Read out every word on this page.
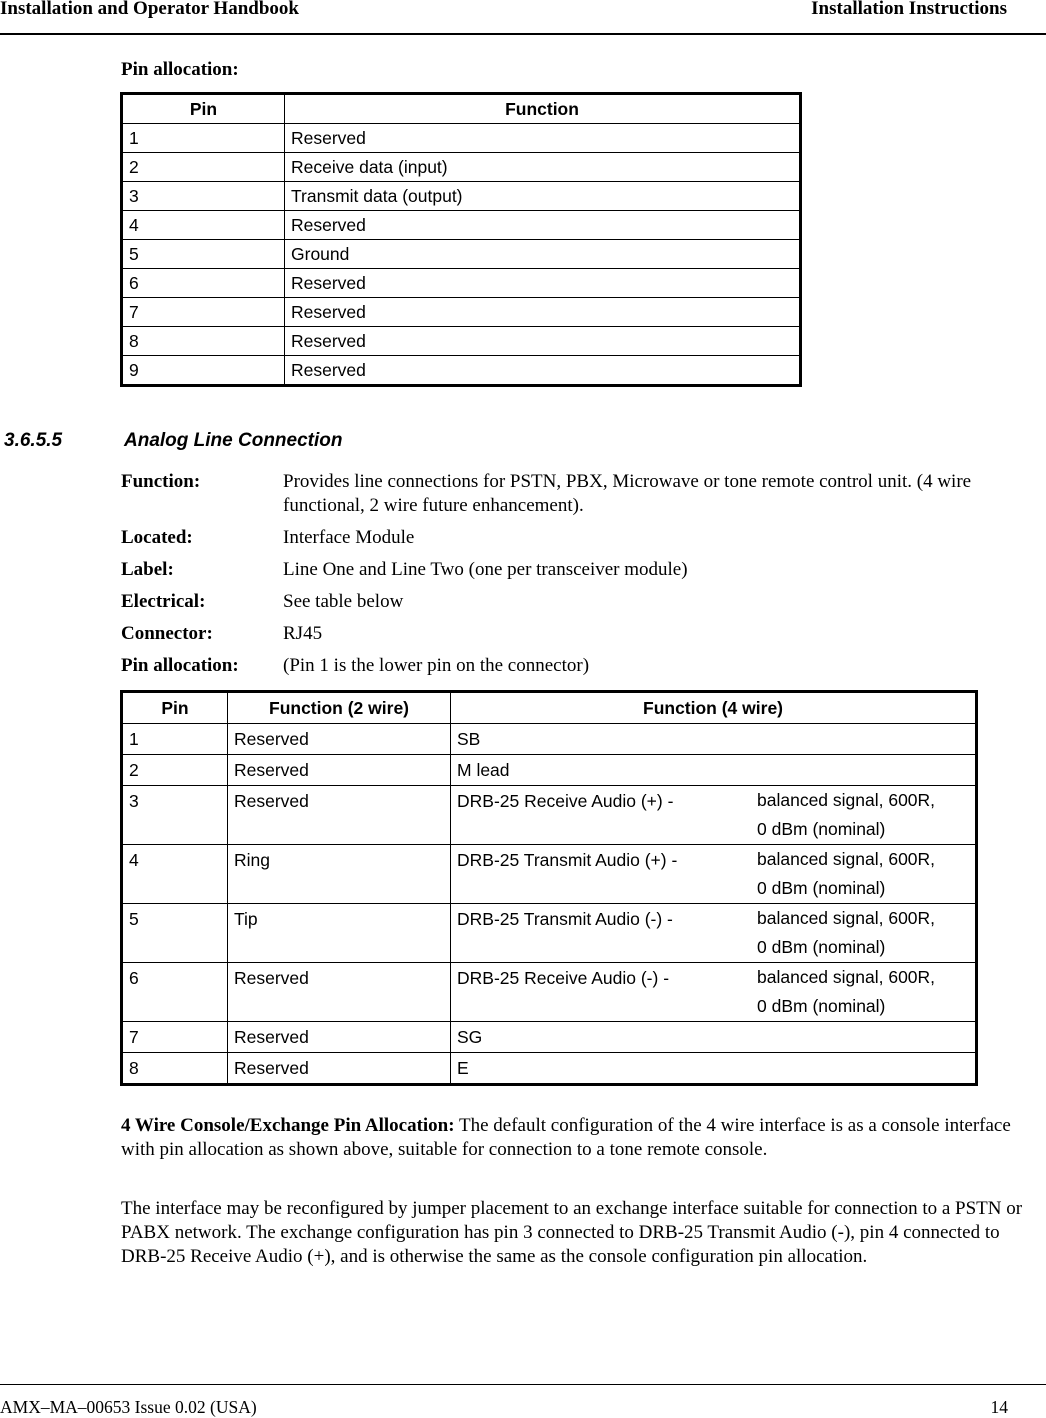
Installation and Operator Handbook	Installation Instructions
Pin allocation:
Pin	Function
1	Reserved
2	Receive data (input)
3	Transmit data (output)
4	Reserved
5	Ground
6	Reserved
7	Reserved
8	Reserved
9	Reserved
3.6.5.5	Analog Line Connection
Function:	Provides line connections for PSTN, PBX, Microwave or tone remote control unit. (4 wire functional, 2 wire future enhancement).
Located:	Interface Module
Label:	Line One and Line Two (one per transceiver module)
Electrical:	See table below
Connector:	RJ45
Pin allocation:	(Pin 1 is the lower pin on the connector)
Pin	Function (2 wire)	Function (4 wire)
1	Reserved	SB
2	Reserved	M lead
3	Reserved	DRB-25 Receive Audio (+) - balanced signal, 600R,
0 dBm (nominal)

4	Ring	DRB-25 Transmit Audio (+) - balanced signal, 600R,
0 dBm (nominal)

5	Tip	DRB-25 Transmit Audio (-) - balanced signal, 600R,
0 dBm (nominal)

6	Reserved	DRB-25 Receive Audio (-) - balanced signal, 600R,
0 dBm (nominal)

7	Reserved	SG
8	Reserved	E
4 Wire Console/Exchange Pin Allocation: The default configuration of the 4 wire interface is as a console interface with pin allocation as shown above, suitable for connection to a tone remote console.
The interface may be reconfigured by jumper placement to an exchange interface suitable for connection to a PSTN or PABX network. The exchange configuration has pin 3 connected to DRB-25 Transmit Audio (-), pin 4 connected to DRB-25 Receive Audio (+), and is otherwise the same as the console configuration pin allocation.
AMX–MA–00653 Issue 0.02 (USA)	14
